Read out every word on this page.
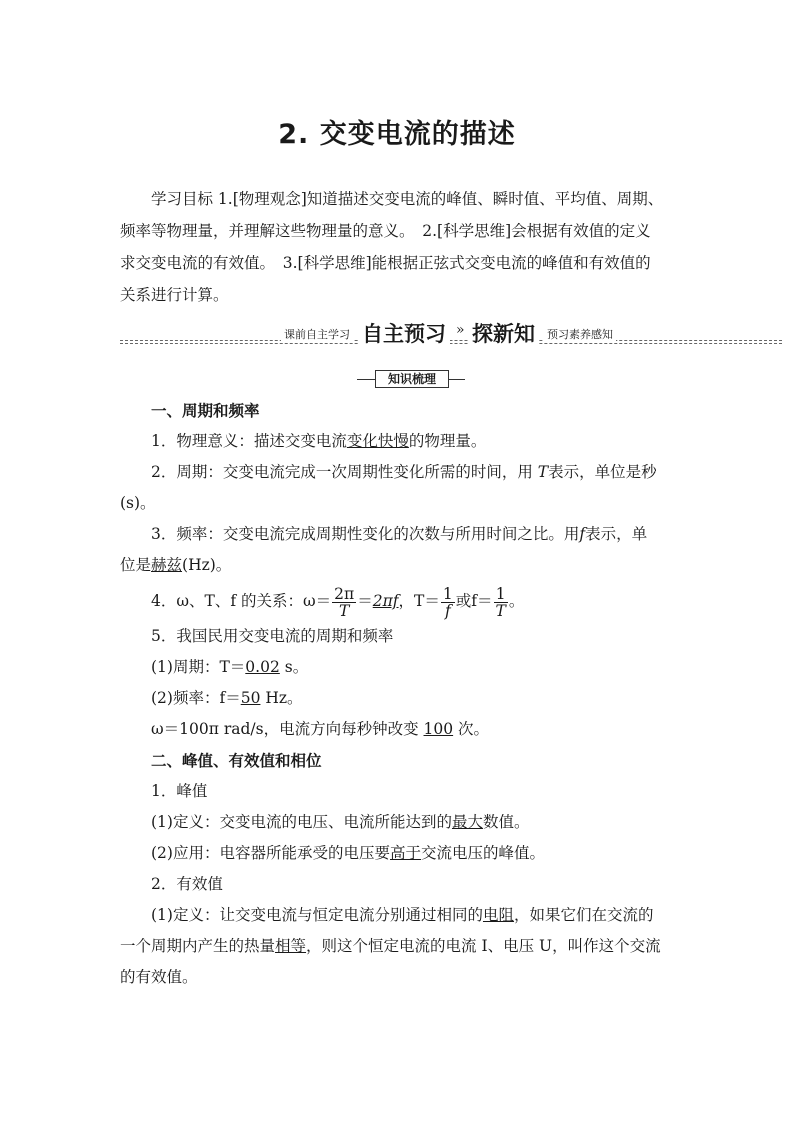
2. 交变电流的描述
学习目标 1.[物理观念]知道描述交变电流的峰值、瞬时值、平均值、周期、
频率等物理量，并理解这些物理量的意义。　2.[科学思维]会根据有效值的定义
求交变电流的有效值。　3.[科学思维]能根据正弦式交变电流的峰值和有效值的
关系进行计算。
课前自主学习 自主预习 » 探新知	预习素养感知
知识梳理

一、周期和频率

1．物理意义：描述交变电流变化快慢的物理量。

2．周期：交变电流完成一次周期性变化所需的时间，用 T表示，单位是秒

(s)。

3．频率：交变电流完成周期性变化的次数与所用时间之比。用f表示，单

位是赫兹(Hz)。

4．ω、T、f 的关系：$\omega= \frac{2\pi}{T} =2\pi f$，$T= \frac{1}{f}$ 或$f= \frac{1}{T}$ 。

5．我国民用交变电流的周期和频率

(1)周期：T＝0.02 s。

(2)频率：f＝50 Hz。

ω＝100π rad/s，电流方向每秒钟改变 100 次。

二、峰值、有效值和相位

1．峰值

(1)定义：交变电流的电压、电流所能达到的最大数值。

(2)应用：电容器所能承受的电压要高于交流电压的峰值。

2．有效值

(1)定义：让交变电流与恒定电流分别通过相同的电阻，如果它们在交流的

一个周期内产生的热量相等，则这个恒定电流的电流 I、电压 U，叫作这个交流

的有效值。
